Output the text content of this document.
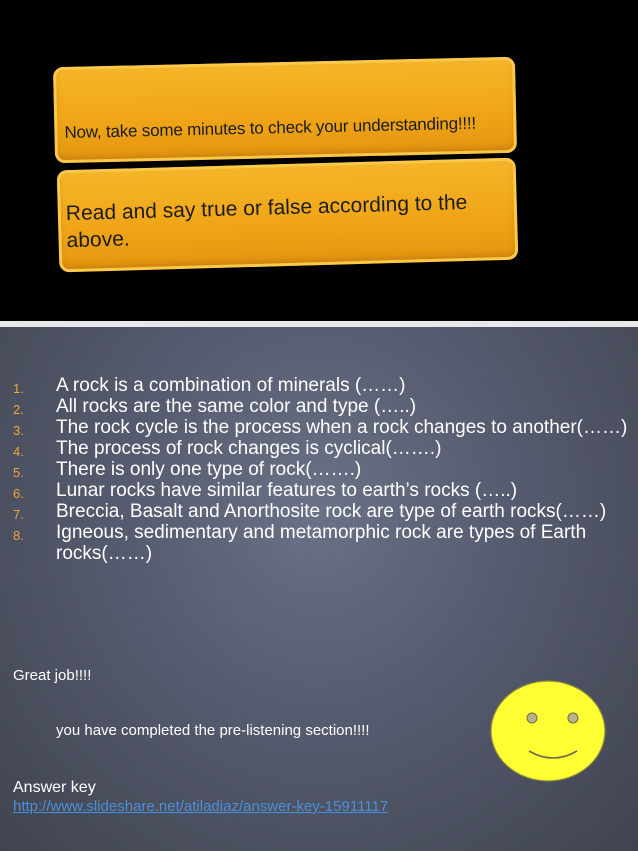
Now, take some minutes to check your understanding!!!!
Read and say true or false according to the above.
1. A rock is a combination of minerals (……)
2. All rocks are the same color and type (…..)
3. The rock cycle is the process when a rock changes to another(……)
4. The process of rock changes is cyclical(…….)
5. There is only one type of rock(…….)
6. Lunar rocks have similar features to earth’s rocks (…..)
7. Breccia, Basalt and Anorthosite rock are type of earth rocks(……)
8. Igneous, sedimentary and metamorphic rock are types of Earth rocks(……)
Great job!!!!
you have completed the pre-listening section!!!!
Answer key
http://www.slideshare.net/atiladiaz/answer-key-15911117
